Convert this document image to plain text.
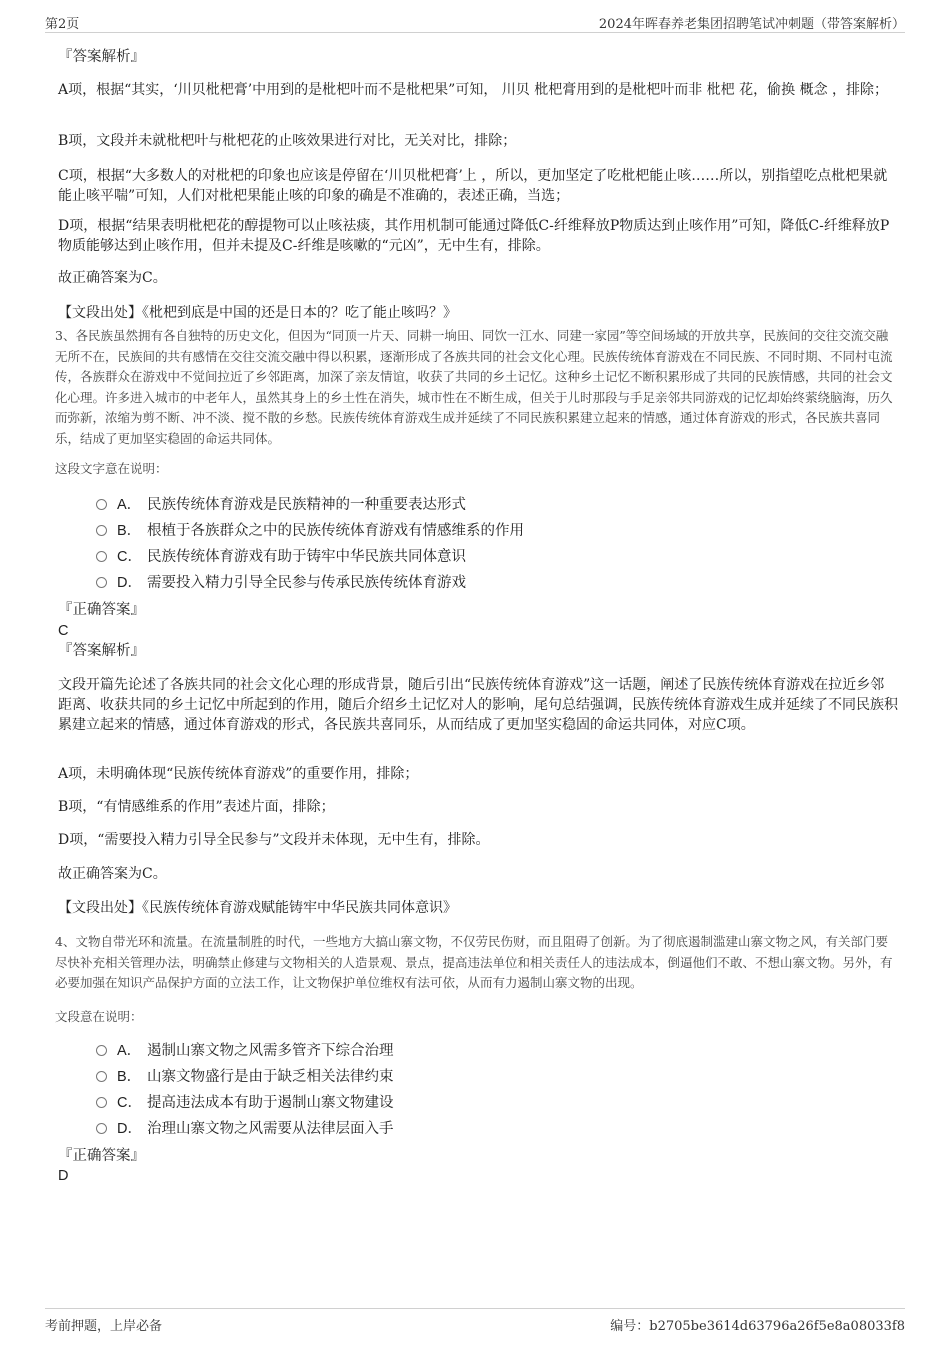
第2页	2024年晖春养老集团招聘笔试冲刺题（带答案解析）

『答案解析』

A项，根据“其实，‘川贝枇杷膏’中用到的是枇杷叶而不是枇杷果”可知， 川贝 枇杷膏用到的是枇杷叶而非 枇杷 花，偷换 概念 ，排除；

B项，文段并未就枇杷叶与枇杷花的止咳效果进行对比，无关对比，排除；

C项，根据“大多数人的对枇杷的印象也应该是停留在‘川贝枇杷膏’上 ，所以，更加坚定了吃枇杷能止咳……所以，别指望吃点枇杷果就能止咳平喘”可知，人们对枇杷果能止咳的印象的确是不准确的，表述正确，当选；

D项，根据“结果表明枇杷花的醇提物可以止咳祛痰，其作用机制可能通过降低C-纤维释放P物质达到止咳作用”可知，降低C-纤维释放P物质能够达到止咳作用，但并未提及C-纤维是咳嗽的“元凶”，无中生有，排除。

故正确答案为C。

【文段出处】《枇杷到底是中国的还是日本的？吃了能止咳吗？》

3、各民族虽然拥有各自独特的历史文化，但因为“同顶一片天、同耕一垧田、同饮一江水、同建一家园”等空间场域的开放共享，民族间的交往交流交融无所不在，民族间的共有感情在交往交流交融中得以积累，逐渐形成了各族共同的社会文化心理。民族传统体育游戏在不同民族、不同时期、不同村屯流传，各族群众在游戏中不觉间拉近了乡邻距离，加深了亲友情谊，收获了共同的乡土记忆。这种乡土记忆不断积累形成了共同的民族情感，共同的社会文化心理。许多进入城市的中老年人，虽然其身上的乡土性在消失，城市性在不断生成，但关于儿时那段与手足亲邻共同游戏的记忆却始终萦绕脑海，历久而弥新，浓缩为剪不断、冲不淡、搅不散的乡愁。民族传统体育游戏生成并延续了不同民族积累建立起来的情感，通过体育游戏的形式，各民族共喜同乐，结成了更加坚实稳固的命运共同体。

这段文字意在说明：

A． 民族传统体育游戏是民族精神的一种重要表达形式
B． 根植于各族群众之中的民族传统体育游戏有情感维系的作用
C． 民族传统体育游戏有助于铸牢中华民族共同体意识
D． 需要投入精力引导全民参与传承民族传统体育游戏

『正确答案』

C

『答案解析』

文段开篇先论述了各族共同的社会文化心理的形成背景，随后引出“民族传统体育游戏”这一话题，阐述了民族传统体育游戏在拉近乡邻距离、收获共同的乡土记忆中所起到的作用，随后介绍乡土记忆对人的影响，尾句总结强调，民族传统体育游戏生成并延续了不同民族积累建立起来的情感，通过体育游戏的形式，各民族共喜同乐，从而结成了更加坚实稳固的命运共同体，对应C项。

A项，未明确体现“民族传统体育游戏”的重要作用，排除；

B项，“有情感维系的作用”表述片面，排除；

D项，“需要投入精力引导全民参与”文段并未体现，无中生有，排除。

故正确答案为C。

【文段出处】《民族传统体育游戏赋能铸牢中华民族共同体意识》

4、文物自带光环和流量。在流量制胜的时代，一些地方大搞山寨文物，不仅劳民伤财，而且阻碍了创新。为了彻底遏制滥建山寨文物之风，有关部门要尽快补充相关管理办法，明确禁止修建与文物相关的人造景观、景点，提高违法单位和相关责任人的违法成本，倒逼他们不敢、不想山寨文物。另外，有必要加强在知识产品保护方面的立法工作，让文物保护单位维权有法可依，从而有力遏制山寨文物的出现。

文段意在说明：

A． 遏制山寨文物之风需多管齐下综合治理
B． 山寨文物盛行是由于缺乏相关法律约束
C． 提高违法成本有助于遏制山寨文物建设
D． 治理山寨文物之风需要从法律层面入手

『正确答案』

D

考前押题，上岸必备	编号：b2705be3614d63796a26f5e8a08033f8
